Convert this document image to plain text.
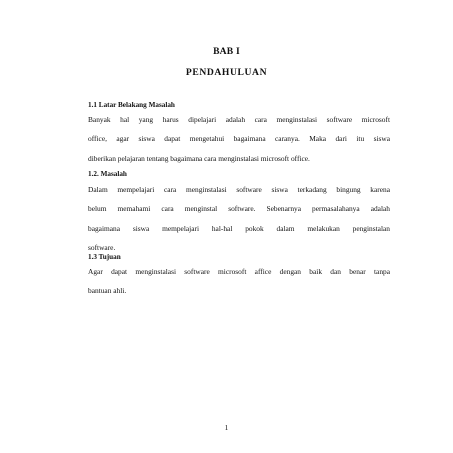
BAB I
PENDAHULUAN
1.1 Latar Belakang Masalah
Banyak hal yang harus dipelajari adalah cara menginstalasi software microsoft
office, agar siswa dapat mengetahui bagaimana caranya. Maka dari itu siswa
diberikan pelajaran tentang bagaimana cara menginstalasi microsoft office.
1.2. Masalah
Dalam mempelajari cara menginstalasi software siswa terkadang bingung karena
belum memahami cara menginstal software. Sebenarnya permasalahanya adalah
bagaimana siswa mempelajari hal-hal pokok dalam melakukan penginstalan
software.
1.3 Tujuan
Agar dapat menginstalasi software microsoft affice dengan baik dan benar tanpa
bantuan ahli.
1
